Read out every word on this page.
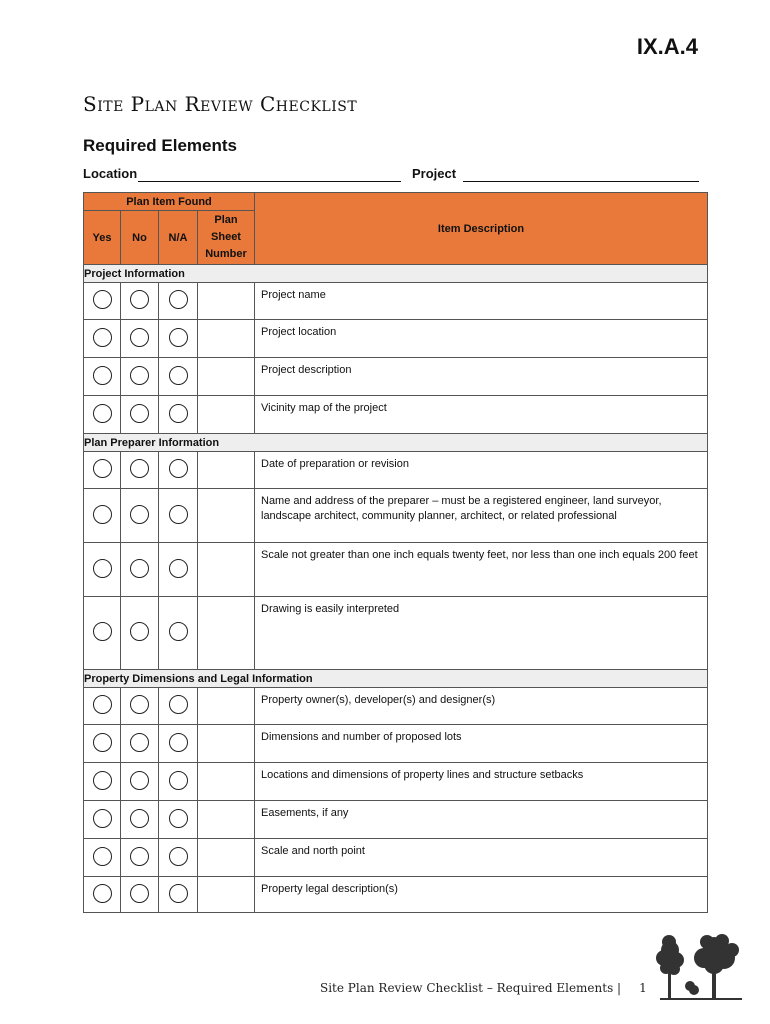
IX.A.4
Site Plan Review Checklist
Required Elements
Location	Project
Plan Item Found				Item Description
Yes	No	N/A	Plan
Sheet
Number	

Project Information				
				Project name
				Project location
				Project description
				Vicinity map of the project
Plan Preparer Information				
				Date of preparation or revision
				Name and address of the preparer – must be a registered engineer, land surveyor, landscape architect, community planner, architect, or related professional
				Scale not greater than one inch equals twenty feet, nor less than one inch equals 200 feet
				Drawing is easily interpreted
Property Dimensions and Legal Information				
				Property owner(s), developer(s) and designer(s)
				Dimensions and number of proposed lots
				Locations and dimensions of property lines and structure setbacks
				Easements, if any
				Scale and north point
				Property legal description(s)
Site Plan Review Checklist – Required Elements | 1
